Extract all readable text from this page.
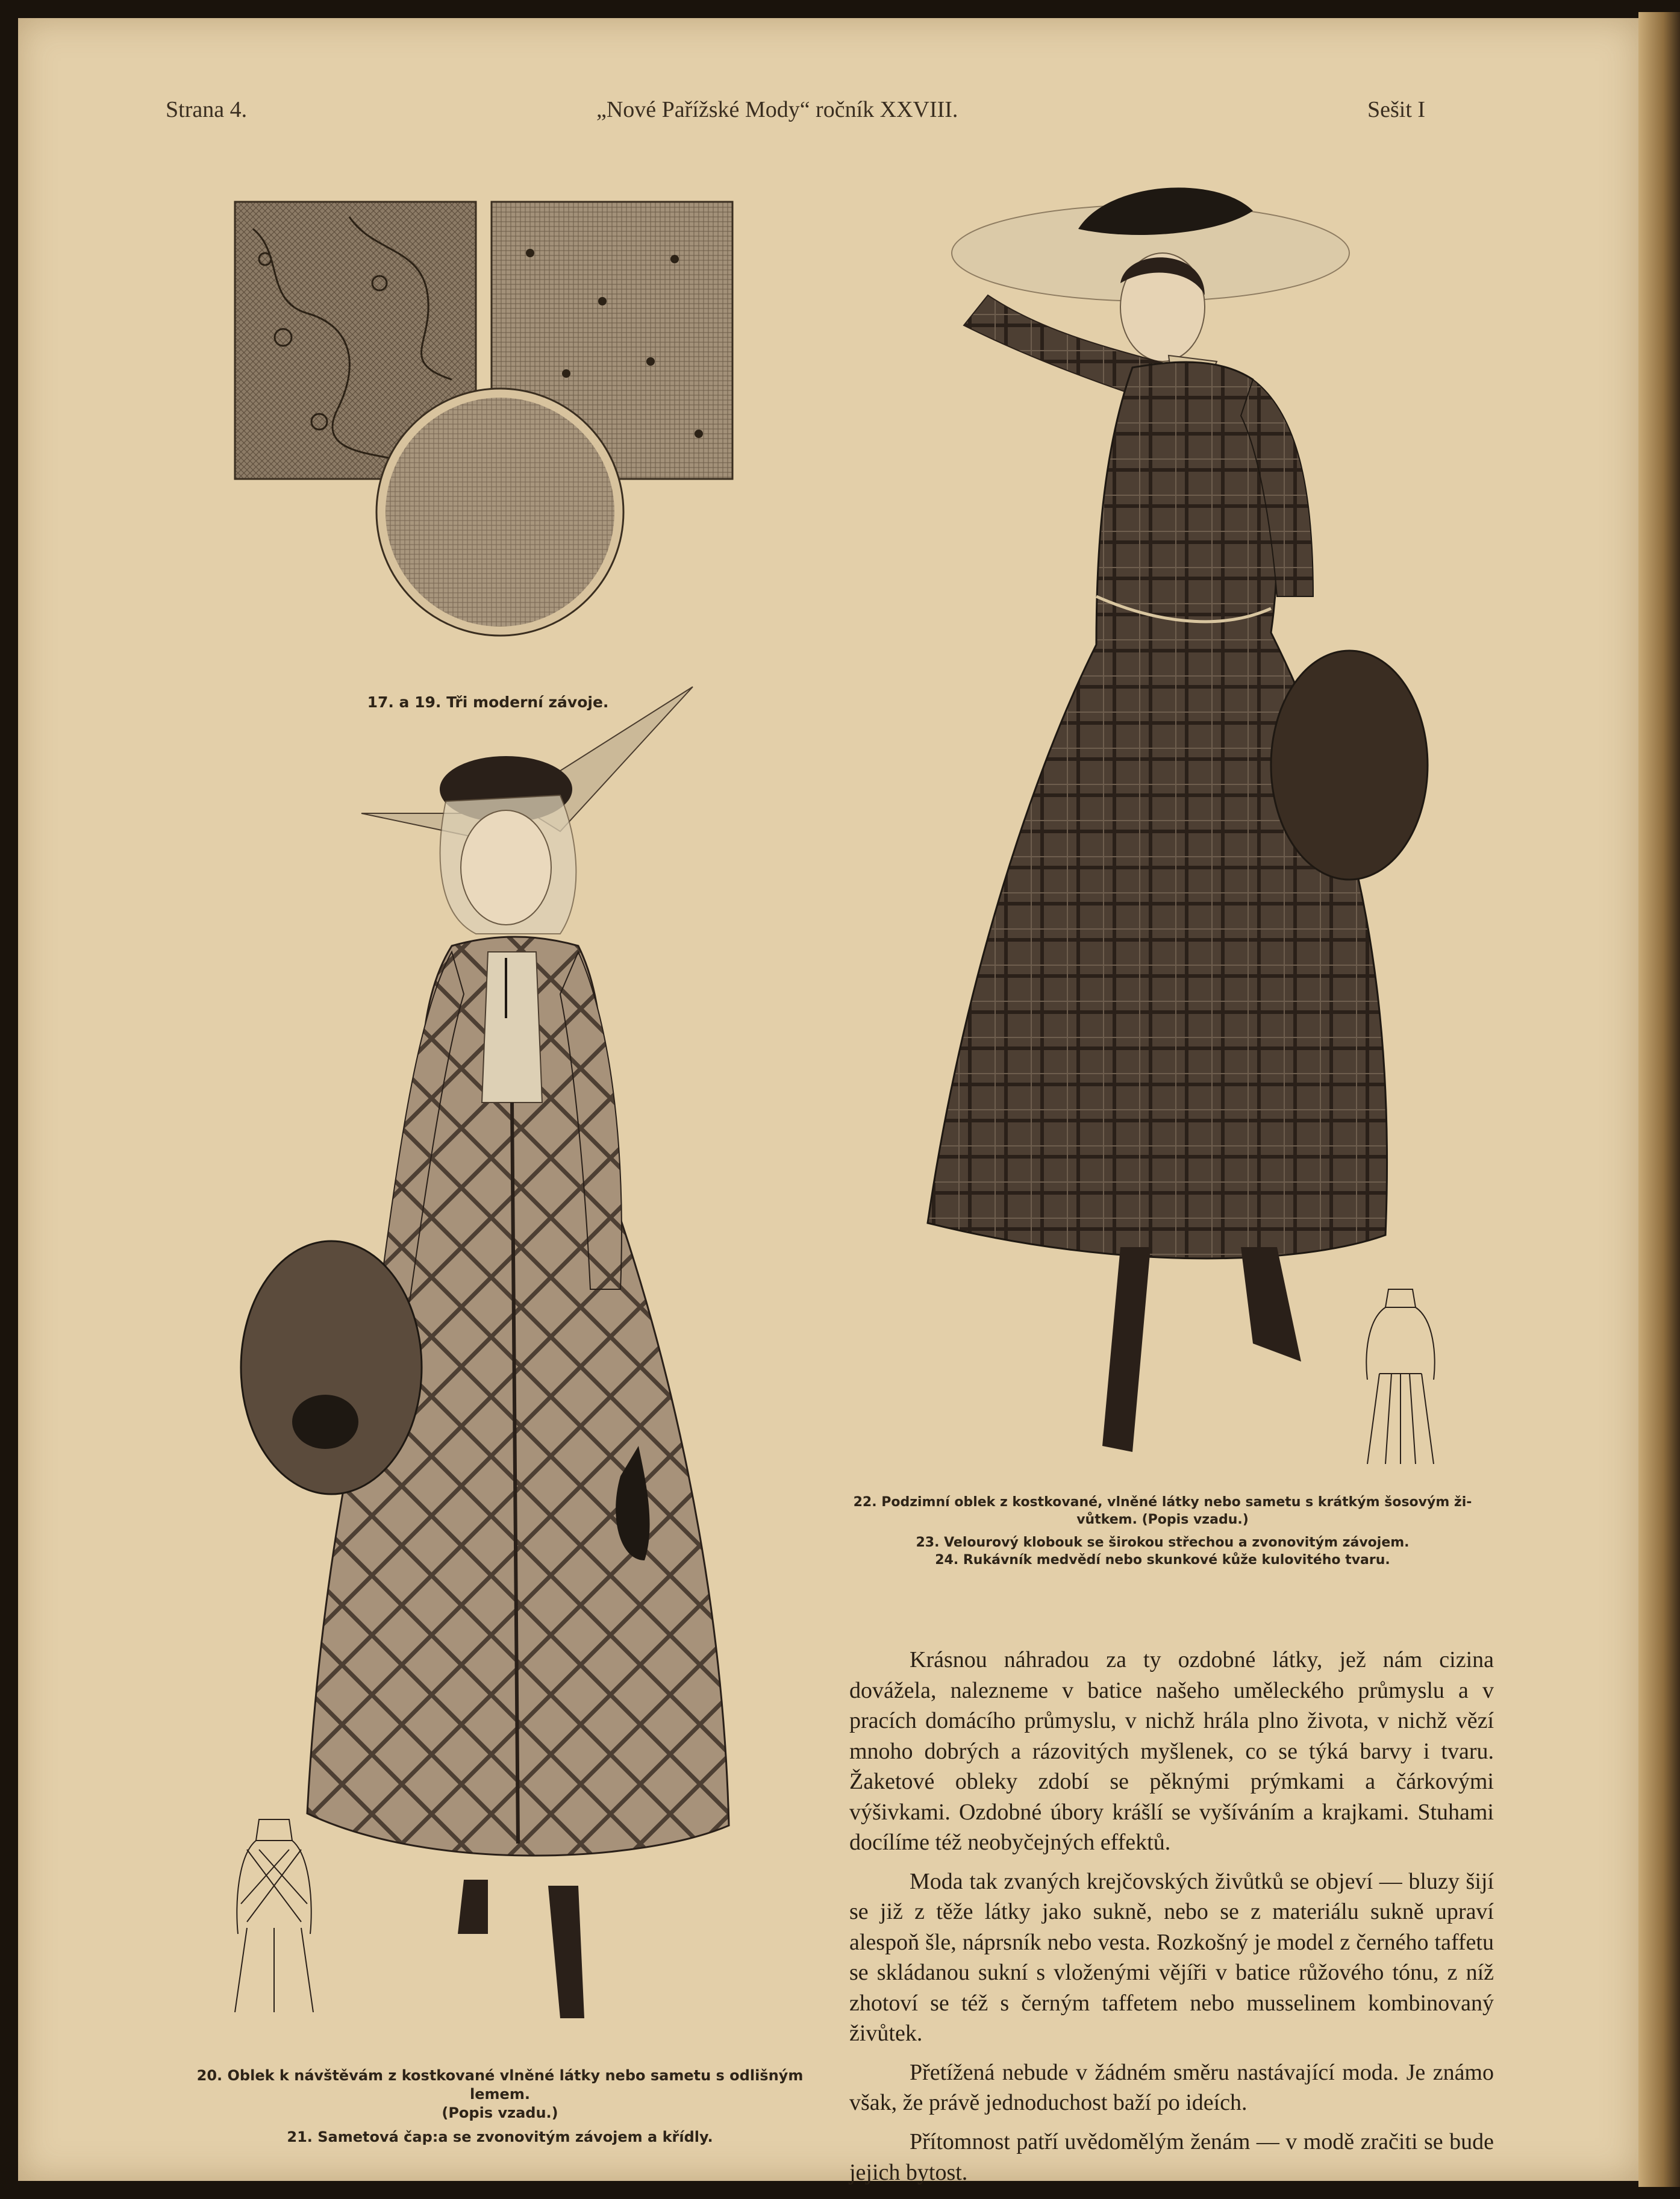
Strana 4.	„Nové Pařížské Mody“ ročník XXVIII.	Sešit I
17. a 19. Tři moderní závoje.
22. Podzimní oblek z kostkované, vlněné látky nebo sametu s krátkým šosovým ži-
vůtkem. (Popis vzadu.)
23. Velourový klobouk se širokou střechou a zvonovitým závojem.
24. Rukávník medvědí nebo skunkové kůže kulovitého tvaru.
20. Oblek k návštěvám z kostkované vlněné látky nebo sametu s odlišným lemem.
(Popis vzadu.)
21. Sametová čap:a se zvonovitým závojem a křídly.

Krásnou náhradou za ty ozdobné látky, jež nám cizina dovážela, nalezneme v batice našeho uměleckého průmyslu a v pracích domácího průmyslu, v nichž hrála plno života, v nichž vězí mnoho dobrých a rázovitých myšlenek, co se týká barvy i tvaru. Žaketové obleky zdobí se pěknými prýmkami a čárkovými výšivkami. Ozdobné úbory krášlí se vyšíváním a krajkami. Stuhami docílíme též neobyčejných effektů.

Moda tak zvaných krejčovských živůtků se objeví — bluzy šijí se již z těže látky jako sukně, nebo se z materiálu sukně upraví alespoň šle, náprsník nebo vesta. Rozkošný je model z černého taffetu se skládanou sukní s vloženými vějíři v batice růžového tónu, z níž zhotoví se též s černým taffetem nebo musselinem kombinovaný živůtek.

Přetížená nebude v žádném směru nastávající moda. Je známo však, že právě jednoduchost baží po ideích.

Přítomnost patří uvědomělým ženám — v modě zračiti se bude jejich bytost.
